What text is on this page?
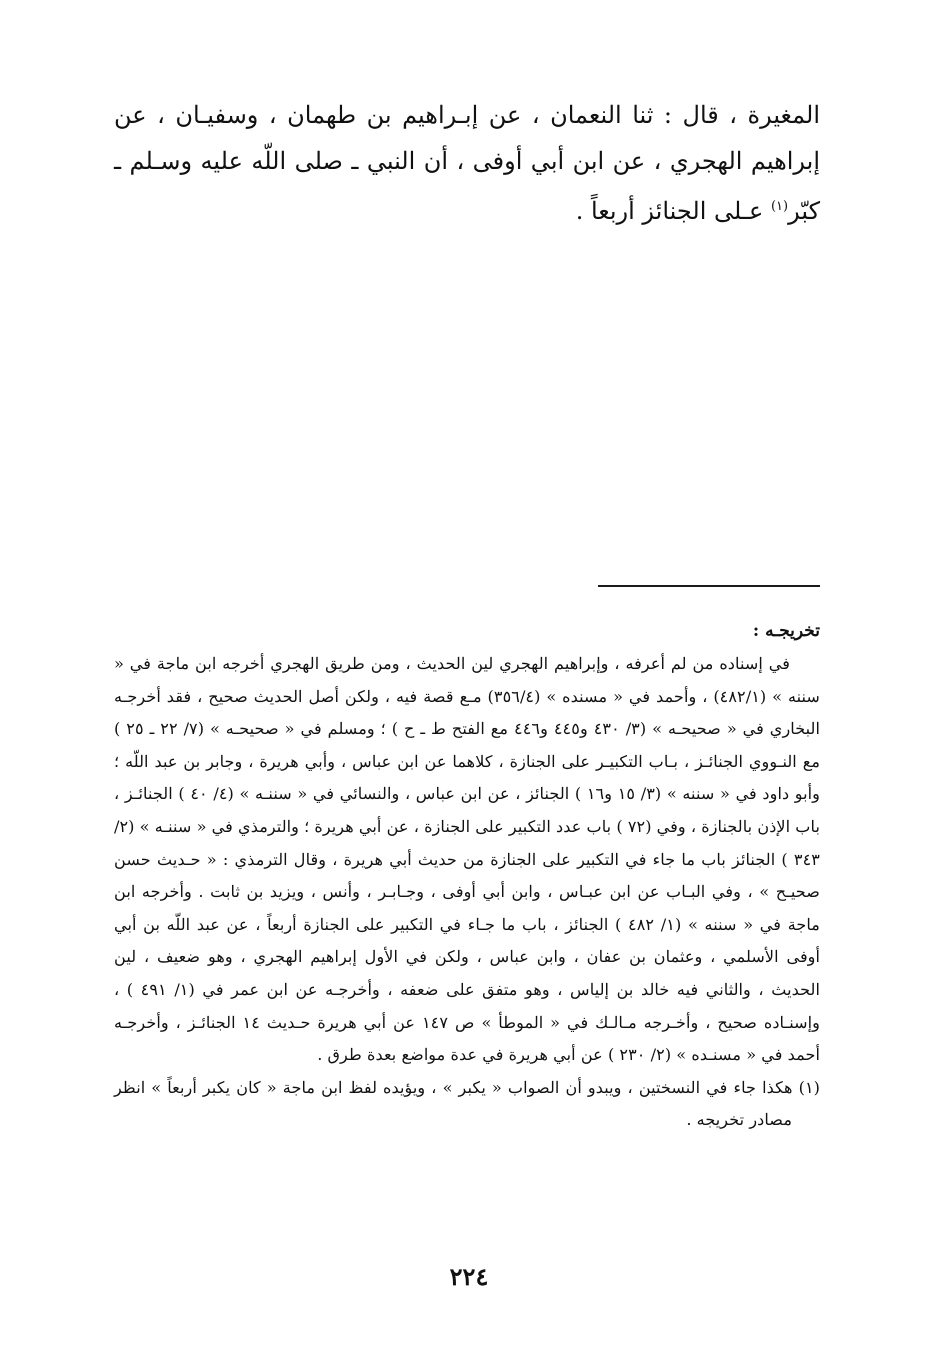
المغيرة ، قال : ثنا النعمان ، عن إبـراهيم بن طهمان ، وسفيـان ، عن إبراهيم الهجري ، عن ابن أبي أوفى ، أن النبي ـ صلى اللّه عليه وسـلم ـ كبّر$^{(١)}$ عـلى الجنائز أربعاً .

تخريجـه :

في إسناده من لم أعرفه ، وإبراهيم الهجري لين الحديث ، ومن طريق الهجري أخرجه ابن ماجة في « سننه » (٤٨٢/١) ، وأحمد في « مسنده » (٣٥٦/٤) مـع قصة فيه ، ولكن أصل الحديث صحيح ، فقد أخرجـه البخاري في « صحيحـه » (٣/ ٤٣٠ و٤٤٥ و٤٤٦ مع الفتح ط ـ ح ) ؛ ومسلم في « صحيحـه » (٧/ ٢٢ ـ ٢٥ ) مع النـووي الجنائـز ، بـاب التكبيـر على الجنازة ، كلاهما عن ابن عباس ، وأبي هريرة ، وجابر بن عبد اللّه ؛ وأبو داود في « سننه » (٣/ ١٥ و١٦ ) الجنائز ، عن ابن عباس ، والنسائي في « سننـه » (٤/ ٤٠ ) الجنائـز ، باب الإذن بالجنازة ، وفي (٧٢ ) باب عدد التكبير على الجنازة ، عن أبي هريرة ؛ والترمذي في « سننـه » (٢/ ٣٤٣ ) الجنائز باب ما جاء في التكبير على الجنازة من حديث أبي هريرة ، وقال الترمذي : « حـديث حسن صحيـح » ، وفي البـاب عن ابن عبـاس ، وابن أبي أوفى ، وجـابـر ، وأنس ، ويزيد بن ثابت . وأخرجه ابن ماجة في « سننه » (١/ ٤٨٢ ) الجنائز ، باب ما جـاء في التكبير على الجنازة أربعاً ، عن عبد اللّه بن أبي أوفى الأسلمي ، وعثمان بن عفان ، وابن عباس ، ولكن في الأول إبراهيم الهجري ، وهو ضعيف ، لين الحديث ، والثاني فيه خالد بن إلياس ، وهو متفق على ضعفه ، وأخرجـه عن ابن عمر في (١/ ٤٩١ ) ، وإسنـاده صحيح ، وأخـرجه مـالـك في « الموطأ » ص ١٤٧ عن أبي هريرة حـديث ١٤ الجنائـز ، وأخرجـه أحمد في « مسنـده » (٢/ ٢٣٠ ) عن أبي هريرة في عدة مواضع بعدة طرق .

(١) هكذا جاء في النسختين ، ويبدو أن الصواب « يكبر » ، ويؤيده لفظ ابن ماجة « كان يكبر أربعاً » انظر مصادر تخريجه .

٢٢٤
